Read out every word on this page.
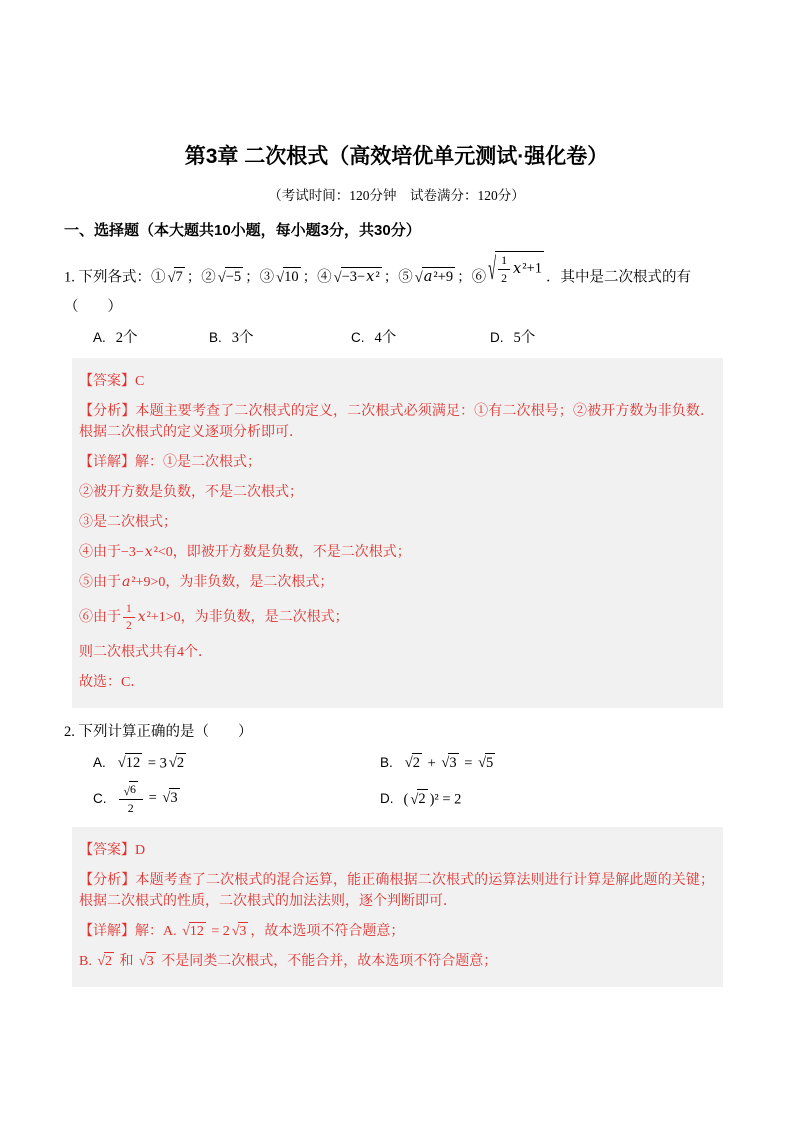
第3章 二次根式（高效培优单元测试·强化卷）
（考试时间：120分钟　试卷满分：120分）
一、选择题（本大题共10小题，每小题3分，共30分）
1. 下列各式：① √ 7 ；② √ −5 ；③ √ 10 ；④ √ −3−x² ；⑤ √ a²+9 ；⑥ √ $\frac{1}{2} x^2+1$
．其中是二次根式的有
（　　）
A. 2个	B. 3个	C. 4个	D. 5个
【答案】C
【分析】本题主要考查了二次根式的定义，二次根式必须满足：①有二次根号；②被开方数为非负数．根据二次根式的定义逐项分析即可．
【详解】解：①是二次根式；
②被开方数是负数，不是二次根式；
③是二次根式；
④由于−3−x²<0，即被开方数是负数，不是二次根式；
⑤由于a²+9>0，为非负数，是二次根式；
⑥由于 $\frac{1}{2} x^2+1>0$，为非负数，是二次根式；
则二次根式共有4个．
故选：C．
2. 下列计算正确的是（　　）
A. √ 12 = 3 √ 2	B. √ 2 + √ 3 = √ 5
C. $\frac{√ 6}{2}$ = √ 3	D. ( √ 2 )² = 2
【答案】D
【分析】本题考查了二次根式的混合运算，能正确根据二次根式的运算法则进行计算是解此题的关键；根据二次根式的性质，二次根式的加法法则，逐个判断即可．
【详解】解：A. √ 12 = 2 √ 3 ，故本选项不符合题意；
B. √ 2 和 √ 3 不是同类二次根式，不能合并，故本选项不符合题意；
